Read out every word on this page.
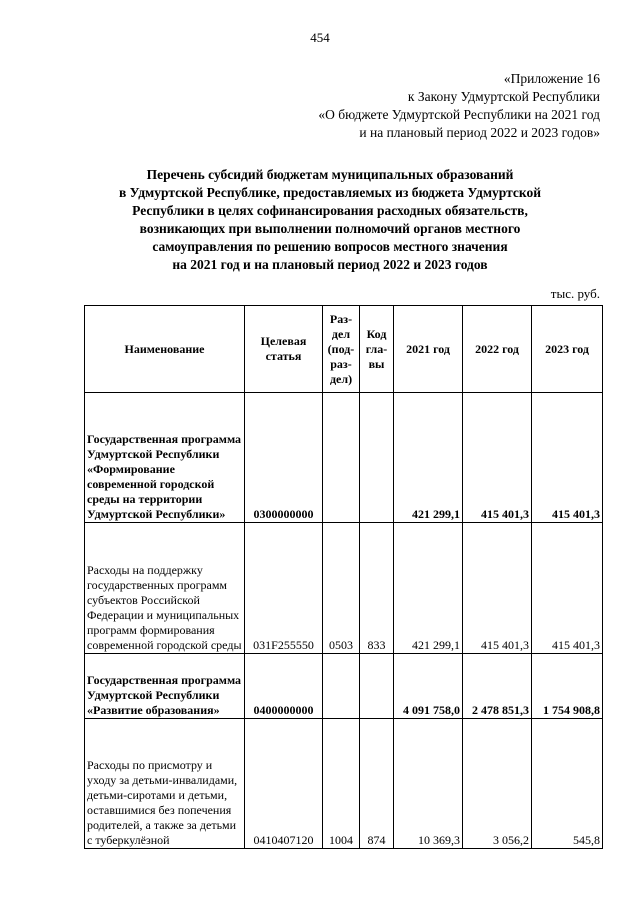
454
«Приложение 16
к Закону Удмуртской Республики
«О бюджете Удмуртской Республики на 2021 год
и на плановый период 2022 и 2023 годов»
Перечень субсидий бюджетам муниципальных образований
в Удмуртской Республике, предоставляемых из бюджета Удмуртской
Республики в целях софинансирования расходных обязательств,
возникающих при выполнении полномочий органов местного
самоуправления по решению вопросов местного значения
на 2021 год и на плановый период 2022 и 2023 годов
тыс. руб.
Наименование	Целевая статья	Раз-дел (под-раз-дел)	Код гла-вы	2021 год	2022 год	2023 год
Государственная программа Удмуртской Республики «Формирование современной городской среды на территории Удмуртской Республики»	0300000000			421 299,1	415 401,3	415 401,3
Расходы на поддержку государственных программ субъектов Российской Федерации и муниципальных программ формирования современной городской среды	031F255550	0503	833	421 299,1	415 401,3	415 401,3
Государственная программа Удмуртской Республики «Развитие образования»	0400000000			4 091 758,0	2 478 851,3	1 754 908,8
Расходы по присмотру и уходу за детьми-инвалидами, детьми-сиротами и детьми, оставшимися без попечения родителей, а также за детьми с туберкулёзной	0410407120	1004	874	10 369,3	3 056,2	545,8
